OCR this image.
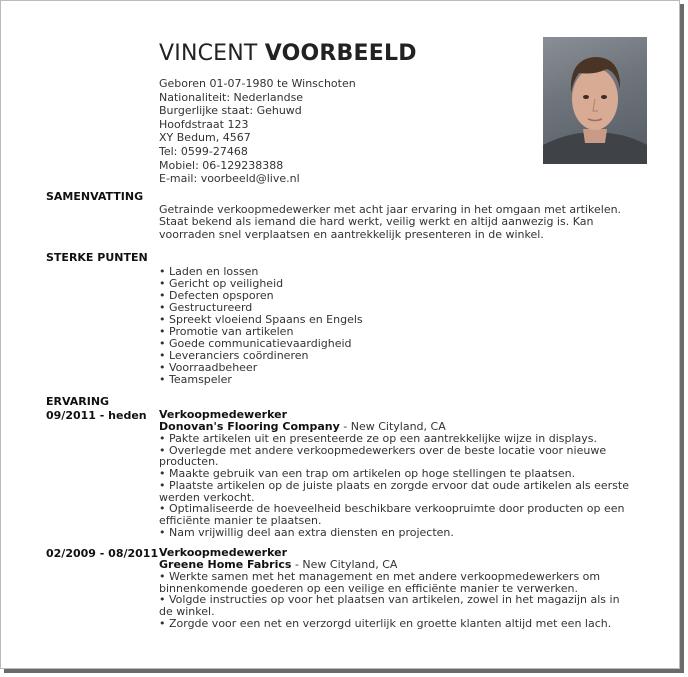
VINCENT VOORBEELD
Geboren 01-07-1980 te Winschoten
Nationaliteit: Nederlandse
Burgerlijke staat: Gehuwd
Hoofdstraat 123
XY Bedum, 4567
Tel: 0599-27468
Mobiel: 06-129238388
E-mail: voorbeeld@live.nl
SAMENVATTING
Getrainde verkoopmedewerker met acht jaar ervaring in het omgaan met artikelen. Staat bekend als iemand die hard werkt, veilig werkt en altijd aanwezig is. Kan voorraden snel verplaatsen en aantrekkelijk presenteren in de winkel.
STERKE PUNTEN
• Laden en lossen
• Gericht op veiligheid
• Defecten opsporen
• Gestructureerd
• Spreekt vloeiend Spaans en Engels
• Promotie van artikelen
• Goede communicatievaardigheid
• Leveranciers coördineren
• Voorraadbeheer
• Teamspeler
ERVARING
09/2011 - heden Verkoopmedewerker
Donovan's Flooring Company - New Cityland, CA
• Pakte artikelen uit en presenteerde ze op een aantrekkelijke wijze in displays.
• Overlegde met andere verkoopmedewerkers over de beste locatie voor nieuwe producten.
• Maakte gebruik van een trap om artikelen op hoge stellingen te plaatsen.
• Plaatste artikelen op de juiste plaats en zorgde ervoor dat oude artikelen als eerste werden verkocht.
• Optimaliseerde de hoeveelheid beschikbare verkoopruimte door producten op een efficiënte manier te plaatsen.
• Nam vrijwillig deel aan extra diensten en projecten.
02/2009 - 08/2011 Verkoopmedewerker
Greene Home Fabrics - New Cityland, CA
• Werkte samen met het management en met andere verkoopmedewerkers om binnenkomende goederen op een veilige en efficiënte manier te verwerken.
• Volgde instructies op voor het plaatsen van artikelen, zowel in het magazijn als in de winkel.
• Zorgde voor een net en verzorgd uiterlijk en groette klanten altijd met een lach.
